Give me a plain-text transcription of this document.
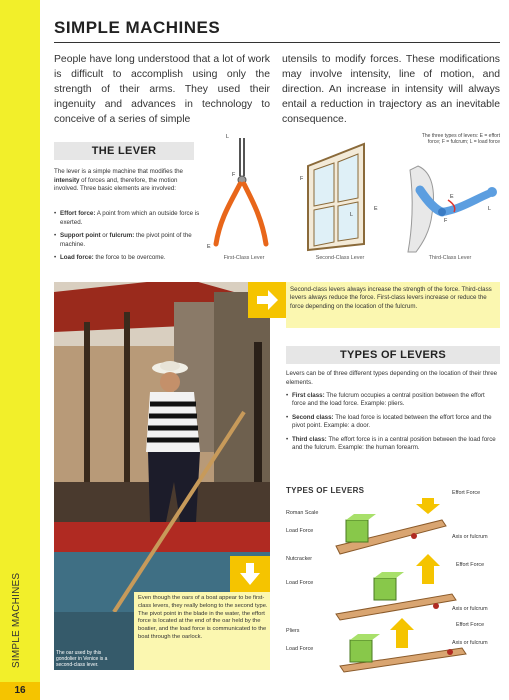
SIMPLE MACHINES
16
SIMPLE MACHINES

People have long understood that a lot of work is difficult to accomplish using only the strength of their arms. They used their ingenuity and advances in technology to conceive of a series of simple

utensils to modify forces. These modifications may involve intensity, line of motion, and direction. An increase in intensity will always entail a reduction in trajectory as an inevitable consequence.

THE LEVER

The lever is a simple machine that modifies the intensity of forces and, therefore, the motion involved. Three basic elements are involved:

• Effort force: A point from which an outside force is exerted.
• Support point or fulcrum: the pivot point of the machine.
• Load force: the force to be overcome.
The three types of levers: E = effort force; F = fulcrum; L = load force
L
F
E
First-Class Lever
F
L
E
Second-Class Lever
E
F
L
Third-Class Lever
The oar used by this gondolier in Venice is a second-class lever.
Second-class levers always increase the strength of the force. Third-class levers always reduce the force. First-class levers increase or reduce the force depending on the location of the fulcrum.
TYPES OF LEVERS

Levers can be of three different types depending on the location of their three elements.

• First class: The fulcrum occupies a central position between the effort force and the load force. Example: pliers.
• Second class: The load force is located between the effort force and the pivot point. Example: a door.
• Third class: The effort force is in a central position between the load force and the fulcrum. Example: the human forearm.
Even though the oars of a boat appear to be first-class levers, they really belong to the second type. The pivot point in the blade in the water, the effort force is located at the end of the oar held by the boatier, and the load force is communicated to the boat through the oarlock.
TYPES OF LEVERS
Roman Scale
Load Force
Effort Force
Axis or fulcrum
Nutcracker
Load Force
Effort Force
Axis or fulcrum
Pliers
Load Force
Effort Force
Axis or fulcrum
